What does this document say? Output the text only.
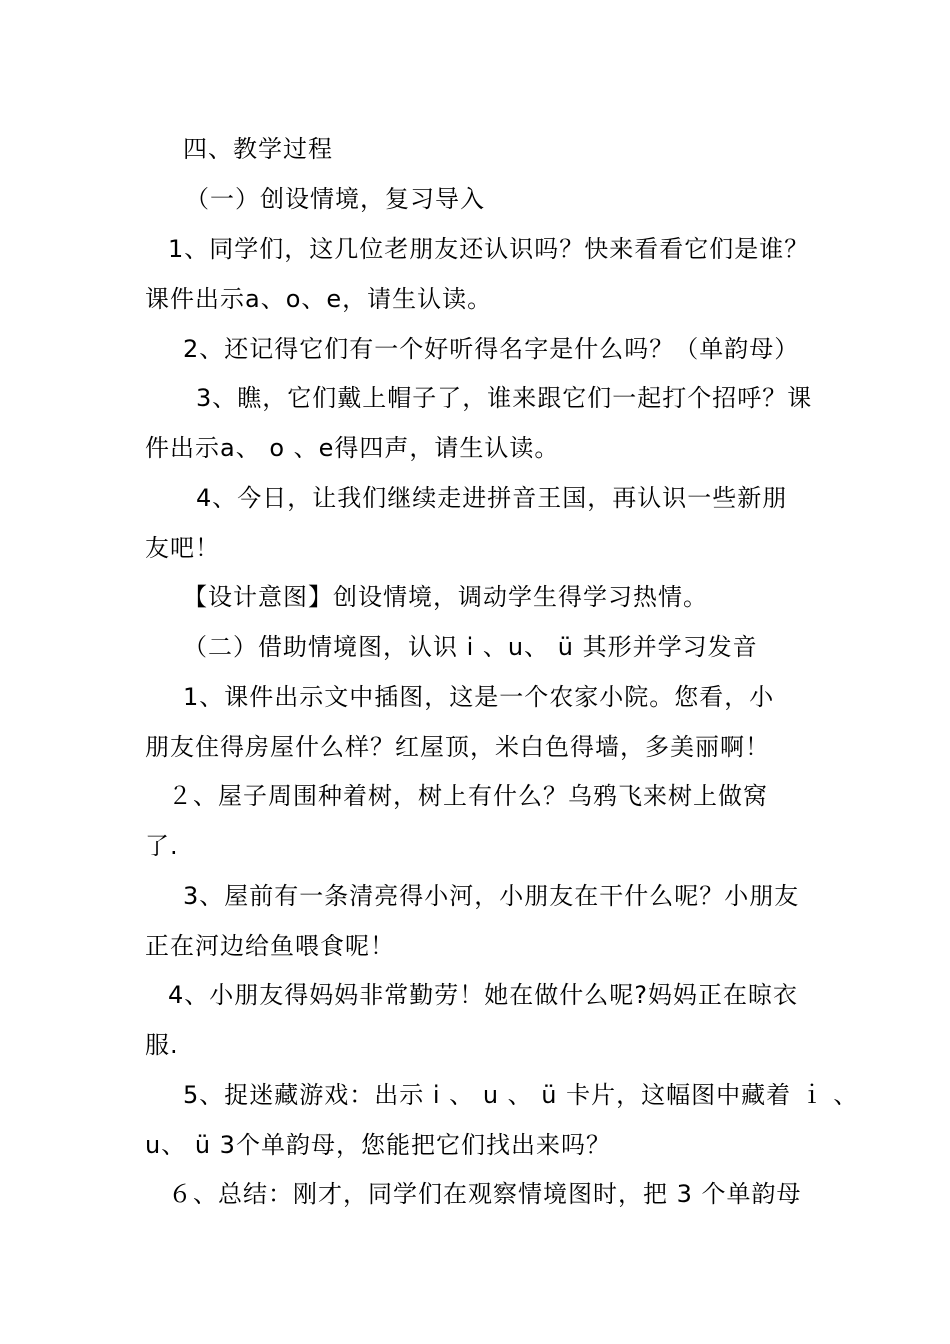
四、教学过程
（一）创设情境，复习导入
1、同学们，这几位老朋友还认识吗？快来看看它们是谁？
课件出示a、o、e，请生认读。
2、还记得它们有一个好听得名字是什么吗？（单韵母）
3、瞧，它们戴上帽子了，谁来跟它们一起打个招呼？课
件出示a、 o 、e得四声，请生认读。
4、今日，让我们继续走进拼音王国，再认识一些新朋
友吧！
【设计意图】创设情境，调动学生得学习热情。
（二）借助情境图，认识 i 、u、 ü 其形并学习发音
1、课件出示文中插图，这是一个农家小院。您看，小
朋友住得房屋什么样？红屋顶，米白色得墙，多美丽啊！
２、屋子周围种着树，树上有什么？乌鸦飞来树上做窝
了.
3、屋前有一条清亮得小河，小朋友在干什么呢？小朋友
正在河边给鱼喂食呢！
4、小朋友得妈妈非常勤劳！她在做什么呢?妈妈正在晾衣
服.
5、捉迷藏游戏：出示 i 、 u 、 ü 卡片，这幅图中藏着 ｉ 、
u、 ü 3个单韵母，您能把它们找出来吗？
６、总结：刚才，同学们在观察情境图时，把 3 个单韵母
